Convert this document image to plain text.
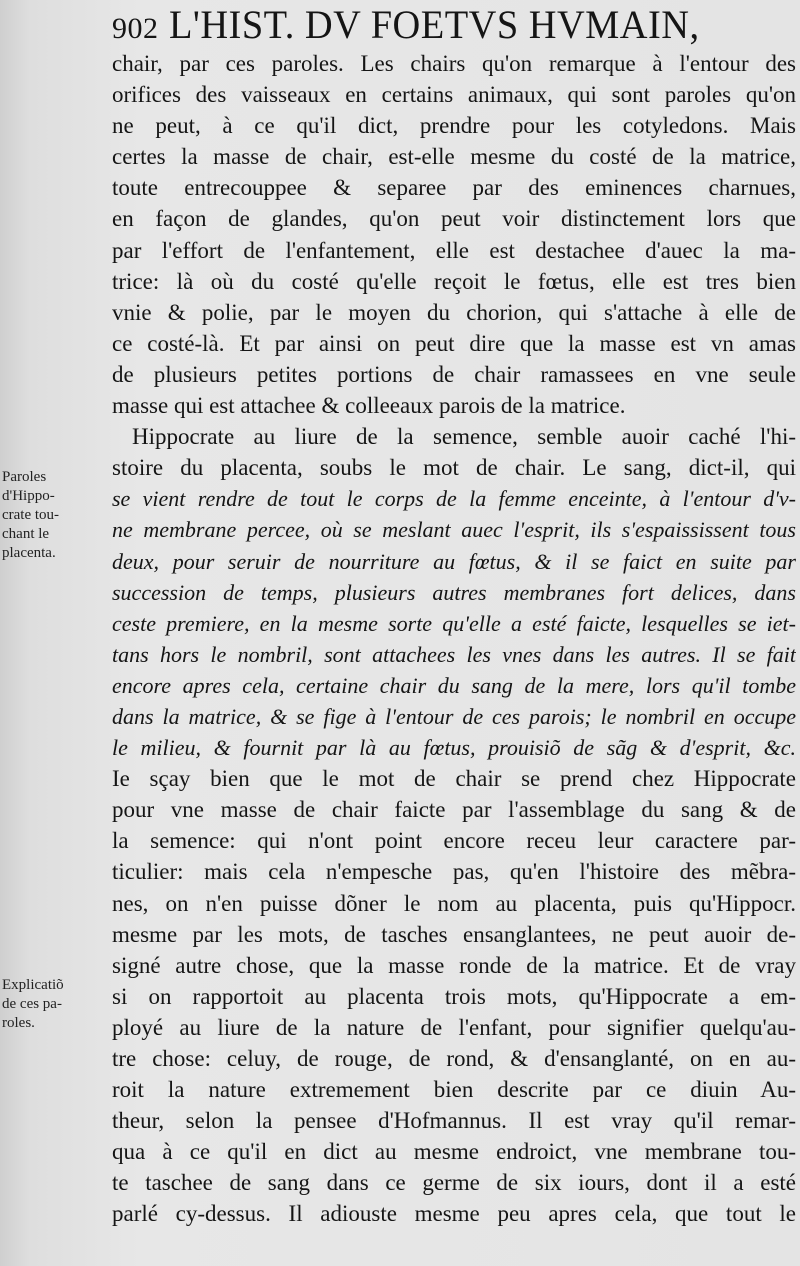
902 L'HIST. DV FOETVS HVMAIN,
Paroles
d'Hippo-
crate tou-
chant le
placenta.
Explicatiõ
de ces pa-
roles.
chair, par ces paroles. Les chairs qu'on remarque à l'entour des
orifices des vaisseaux en certains animaux, qui sont paroles qu'on
ne peut, à ce qu'il dict, prendre pour les cotyledons. Mais
certes la masse de chair, est-elle mesme du costé de la matrice,
toute entrecouppee & separee par des eminences charnues,
en façon de glandes, qu'on peut voir distinctement lors que
par l'effort de l'enfantement, elle est destachee d'auec la ma-
trice: là où du costé qu'elle reçoit le fœtus, elle est tres bien
vnie & polie, par le moyen du chorion, qui s'attache à elle de
ce costé-là. Et par ainsi on peut dire que la masse est vn amas
de plusieurs petites portions de chair ramassees en vne seule
masse qui est attachee & colleeaux parois de la matrice.
Hippocrate au liure de la semence, semble auoir caché l'hi-
stoire du placenta, soubs le mot de chair. Le sang, dict-il, qui
se vient rendre de tout le corps de la femme enceinte, à l'entour d'v-
ne membrane percee, où se meslant auec l'esprit, ils s'espaississent tous
deux, pour seruir de nourriture au fœtus, & il se faict en suite par
succession de temps, plusieurs autres membranes fort delices, dans
ceste premiere, en la mesme sorte qu'elle a esté faicte, lesquelles se iet-
tans hors le nombril, sont attachees les vnes dans les autres. Il se fait
encore apres cela, certaine chair du sang de la mere, lors qu'il tombe
dans la matrice, & se fige à l'entour de ces parois; le nombril en occupe
le milieu, & fournit par là au fœtus, prouisiõ de sãg & d'esprit, &c.
Ie sçay bien que le mot de chair se prend chez Hippocrate
pour vne masse de chair faicte par l'assemblage du sang & de
la semence: qui n'ont point encore receu leur caractere par-
ticulier: mais cela n'empesche pas, qu'en l'histoire des mẽbra-
nes, on n'en puisse dõner le nom au placenta, puis qu'Hippocr.
mesme par les mots, de tasches ensanglantees, ne peut auoir de-
signé autre chose, que la masse ronde de la matrice. Et de vray
si on rapportoit au placenta trois mots, qu'Hippocrate a em-
ployé au liure de la nature de l'enfant, pour signifier quelqu'au-
tre chose: celuy, de rouge, de rond, & d'ensanglanté, on en au-
roit la nature extremement bien descrite par ce diuin Au-
theur, selon la pensee d'Hofmannus. Il est vray qu'il remar-
qua à ce qu'il en dict au mesme endroict, vne membrane tou-
te taschee de sang dans ce germe de six iours, dont il a esté
parlé cy-dessus. Il adiouste mesme peu apres cela, que tout le
